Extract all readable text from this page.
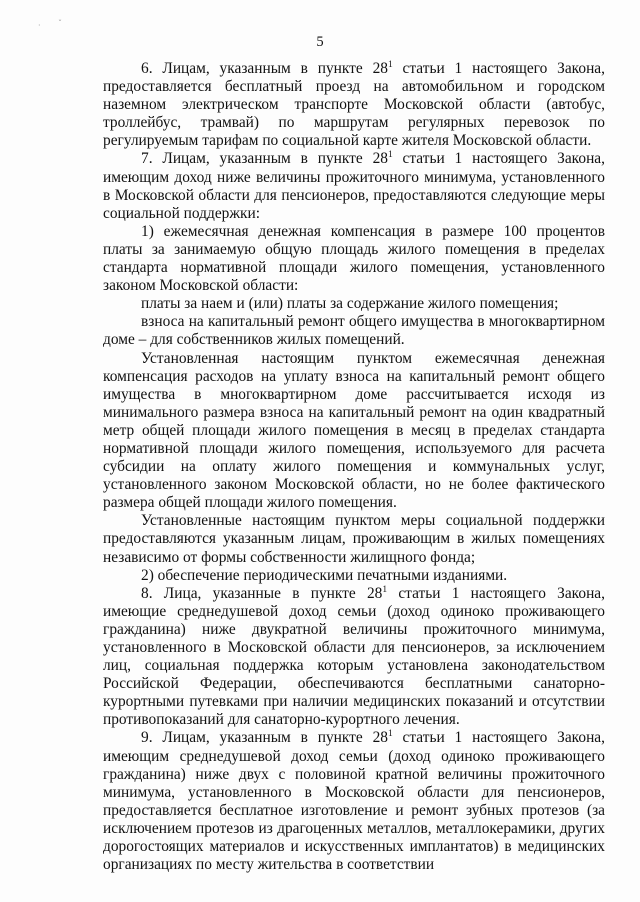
· ˇ
5

6. Лицам, указанным в пункте $28^1$ статьи 1 настоящего Закона, предоставляется бесплатный проезд на автомобильном и городском наземном электрическом транспорте Московской области (автобус, троллейбус, трамвай) по маршрутам регулярных перевозок по регулируемым тарифам по социальной карте жителя Московской области.

7. Лицам, указанным в пункте $28^1$ статьи 1 настоящего Закона, имеющим доход ниже величины прожиточного минимума, установленного в Московской области для пенсионеров, предоставляются следующие меры социальной поддержки:

1) ежемесячная денежная компенсация в размере 100 процентов платы за занимаемую общую площадь жилого помещения в пределах стандарта нормативной площади жилого помещения, установленного законом Московской области:

платы за наем и (или) платы за содержание жилого помещения;

взноса на капитальный ремонт общего имущества в многоквартирном доме – для собственников жилых помещений.

Установленная настоящим пунктом ежемесячная денежная компенсация расходов на уплату взноса на капитальный ремонт общего имущества в многоквартирном доме рассчитывается исходя из минимального размера взноса на капитальный ремонт на один квадратный метр общей площади жилого помещения в месяц в пределах стандарта нормативной площади жилого помещения, используемого для расчета субсидии на оплату жилого помещения и коммунальных услуг, установленного законом Московской области, но не более фактического размера общей площади жилого помещения.

Установленные настоящим пунктом меры социальной поддержки предоставляются указанным лицам, проживающим в жилых помещениях независимо от формы собственности жилищного фонда;

2) обеспечение периодическими печатными изданиями.

8. Лица, указанные в пункте $28^1$ статьи 1 настоящего Закона, имеющие среднедушевой доход семьи (доход одиноко проживающего гражданина) ниже двукратной величины прожиточного минимума, установленного в Московской области для пенсионеров, за исключением лиц, социальная поддержка которым установлена законодательством Российской Федерации, обеспечиваются бесплатными санаторно-курортными путевками при наличии медицинских показаний и отсутствии противопоказаний для санаторно-курортного лечения.

9. Лицам, указанным в пункте $28^1$ статьи 1 настоящего Закона, имеющим среднедушевой доход семьи (доход одиноко проживающего гражданина) ниже двух с половиной кратной величины прожиточного минимума, установленного в Московской области для пенсионеров, предоставляется бесплатное изготовление и ремонт зубных протезов (за исключением протезов из драгоценных металлов, металлокерамики, других дорогостоящих материалов и искусственных имплантатов) в медицинских организациях по месту жительства в соответствии
